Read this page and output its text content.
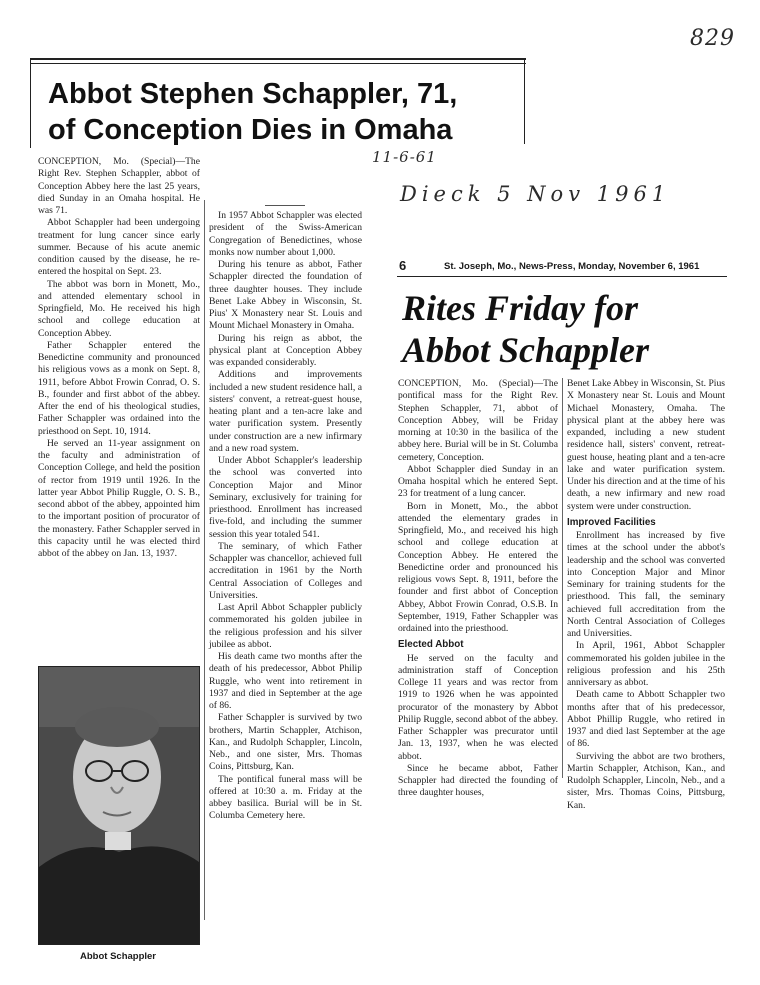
829
11-6-61
Dieck 5 Nov 1961
Abbot Stephen Schappler, 71,
of Conception Dies in Omaha

CONCEPTION, Mo. (Special)—The Right Rev. Stephen Schappler, abbot of Conception Abbey here the last 25 years, died Sunday in an Omaha hospital. He was 71.

Abbot Schappler had been undergoing treatment for lung cancer since early summer. Because of his acute anemic condition caused by the disease, he re-entered the hospital on Sept. 23.

The abbot was born in Monett, Mo., and attended elementary school in Springfield, Mo. He received his high school and college education at Conception Abbey.

Father Schappler entered the Benedictine community and pronounced his religious vows as a monk on Sept. 8, 1911, before Abbot Frowin Conrad, O. S. B., founder and first abbot of the abbey. After the end of his theological studies, Father Schappler was ordained into the priesthood on Sept. 10, 1914.

He served an 11-year assignment on the faculty and administration of Conception College, and held the position of rector from 1919 until 1926. In the latter year Abbot Philip Ruggle, O. S. B., second abbot of the abbey, appointed him to the important position of procurator of the monastery. Father Schappler served in this capacity until he was elected third abbot of the abbey on Jan. 13, 1937.

In 1957 Abbot Schappler was elected president of the Swiss-American Congregation of Benedictines, whose monks now number about 1,000.

During his tenure as abbot, Father Schappler directed the foundation of three daughter houses. They include Benet Lake Abbey in Wisconsin, St. Pius' X Monastery near St. Louis and Mount Michael Monastery in Omaha.

During his reign as abbot, the physical plant at Conception Abbey was expanded considerably.

Additions and improvements included a new student residence hall, a sisters' convent, a retreat-guest house, heating plant and a ten-acre lake and water purification system. Presently under construction are a new infirmary and a new road system.

Under Abbot Schappler's leadership the school was converted into Conception Major and Minor Seminary, exclusively for training for priesthood. Enrollment has increased five-fold, and including the summer session this year totaled 541.

The seminary, of which Father Schappler was chancellor, achieved full accreditation in 1961 by the North Central Association of Colleges and Universities.

Last April Abbot Schappler publicly commemorated his golden jubilee in the religious profession and his silver jubilee as abbot.

His death came two months after the death of his predecessor, Abbot Philip Ruggle, who went into retirement in 1937 and died in September at the age of 86.

Father Schappler is survived by two brothers, Martin Schappler, Atchison, Kan., and Rudolph Schappler, Lincoln, Neb., and one sister, Mrs. Thomas Coins, Pittsburg, Kan.

The pontifical funeral mass will be offered at 10:30 a. m. Friday at the abbey basilica. Burial will be in St. Columba Cemetery here.

Abbot Schappler
6	St. Joseph, Mo., News-Press, Monday, November 6, 1961
Rites Friday for
Abbot Schappler

CONCEPTION, Mo. (Special)—The pontifical mass for the Right Rev. Stephen Schappler, 71, abbot of Conception Abbey, will be Friday morning at 10:30 in the basilica of the abbey here. Burial will be in St. Columba cemetery, Conception.

Abbot Schappler died Sunday in an Omaha hospital which he entered Sept. 23 for treatment of a lung cancer.

Born in Monett, Mo., the abbot attended the elementary grades in Springfield, Mo., and received his high school and college education at Conception Abbey. He entered the Benedictine order and pronounced his religious vows Sept. 8, 1911, before the founder and first abbot of Conception Abbey, Abbot Frowin Conrad, O.S.B. In September, 1919, Father Schappler was ordained into the priesthood.

Elected Abbot

He served on the faculty and administration staff of Conception College 11 years and was rector from 1919 to 1926 when he was appointed procurator of the monastery by Abbot Philip Ruggle, second abbot of the abbey. Father Schappler was precurator until Jan. 13, 1937, when he was elected abbot.

Since he became abbot, Father Schappler had directed the founding of three daughter houses,

Benet Lake Abbey in Wisconsin, St. Pius X Monastery near St. Louis and Mount Michael Monastery, Omaha. The physical plant at the abbey here was expanded, including a new student residence hall, sisters' convent, retreat-guest house, heating plant and a ten-acre lake and water purification system. Under his direction and at the time of his death, a new infirmary and new road system were under construction.

Improved Facilities

Enrollment has increased by five times at the school under the abbot's leadership and the school was converted into Conception Major and Minor Seminary for training students for the priesthood. This fall, the seminary achieved full accreditation from the North Central Association of Colleges and Universities.

In April, 1961, Abbot Schappler commemorated his golden jubilee in the religious profession and his 25th anniversary as abbot.

Death came to Abbott Schappler two months after that of his predecessor, Abbot Phillip Ruggle, who retired in 1937 and died last September at the age of 86.

Surviving the abbot are two brothers, Martin Schappler, Atchison, Kan., and Rudolph Schappler, Lincoln, Neb., and a sister, Mrs. Thomas Coins, Pittsburg, Kan.
